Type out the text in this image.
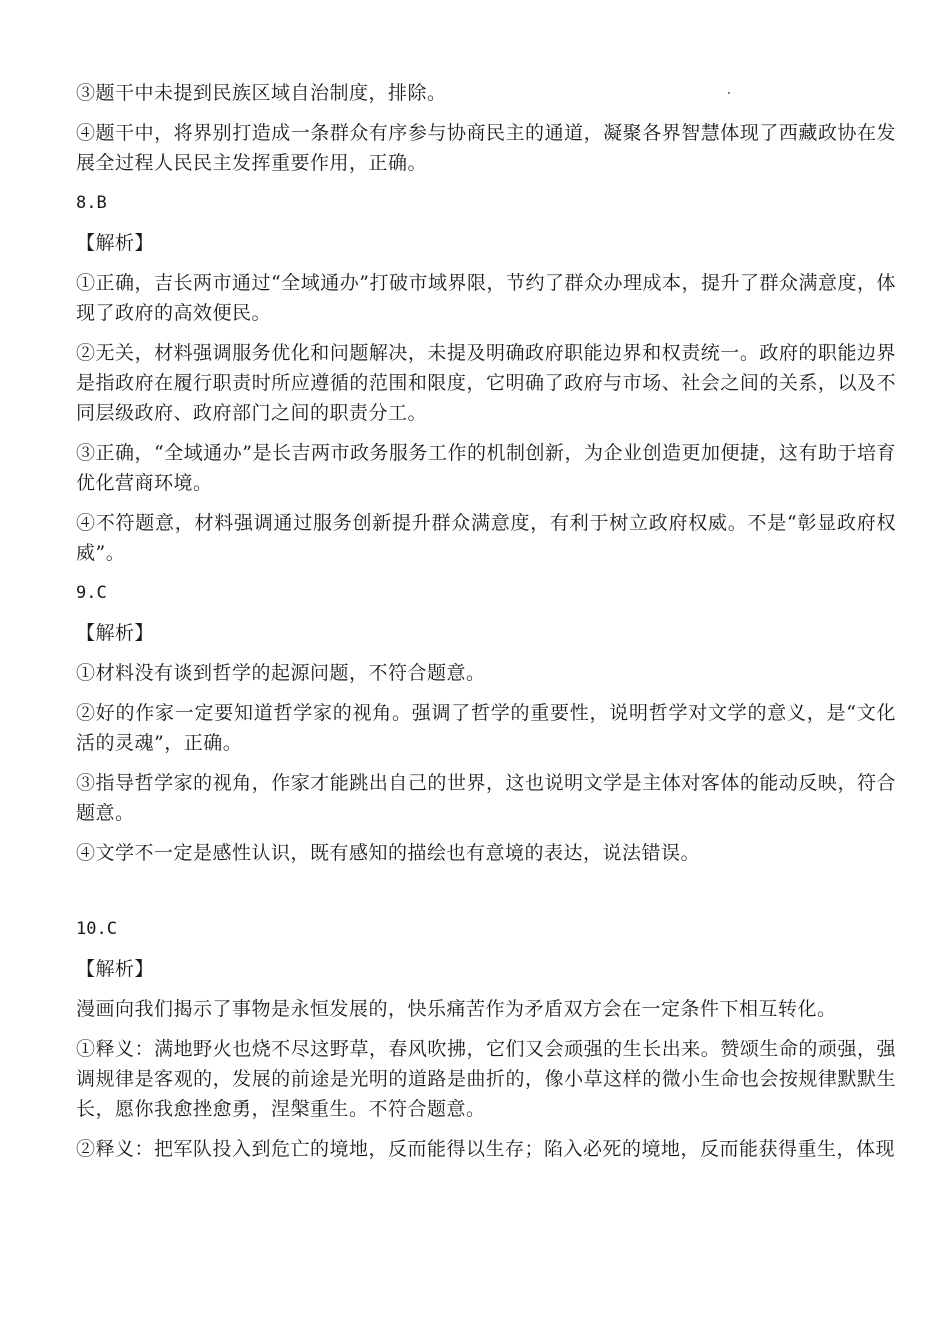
③题干中未提到民族区域自治制度，排除。

④题干中，将界别打造成一条群众有序参与协商民主的通道，凝聚各界智慧体现了西藏政协在发展全过程人民民主发挥重要作用，正确。

8.B

【解析】

①正确，吉长两市通过“全域通办”打破市域界限，节约了群众办理成本，提升了群众满意度，体现了政府的高效便民。

②无关，材料强调服务优化和问题解决，未提及明确政府职能边界和权责统一。政府的职能边界是指政府在履行职责时所应遵循的范围和限度，它明确了政府与市场、社会之间的关系，以及不同层级政府、政府部门之间的职责分工。

③正确，“全域通办”是长吉两市政务服务工作的机制创新，为企业创造更加便捷，这有助于培育优化营商环境。

④不符题意，材料强调通过服务创新提升群众满意度，有利于树立政府权威。不是“彰显政府权威”。

9.C

【解析】

①材料没有谈到哲学的起源问题，不符合题意。

②好的作家一定要知道哲学家的视角。强调了哲学的重要性，说明哲学对文学的意义，是“文化活的灵魂”，正确。

③指导哲学家的视角，作家才能跳出自己的世界，这也说明文学是主体对客体的能动反映，符合题意。

④文学不一定是感性认识，既有感知的描绘也有意境的表达，说法错误。

10.C

【解析】

漫画向我们揭示了事物是永恒发展的，快乐痛苦作为矛盾双方会在一定条件下相互转化。

①释义：满地野火也烧不尽这野草，春风吹拂，它们又会顽强的生长出来。赞颂生命的顽强，强调规律是客观的，发展的前途是光明的道路是曲折的，像小草这样的微小生命也会按规律默默生长，愿你我愈挫愈勇，涅槃重生。不符合题意。

②释义：把军队投入到危亡的境地，反而能得以生存；陷入必死的境地，反而能获得重生，体现
